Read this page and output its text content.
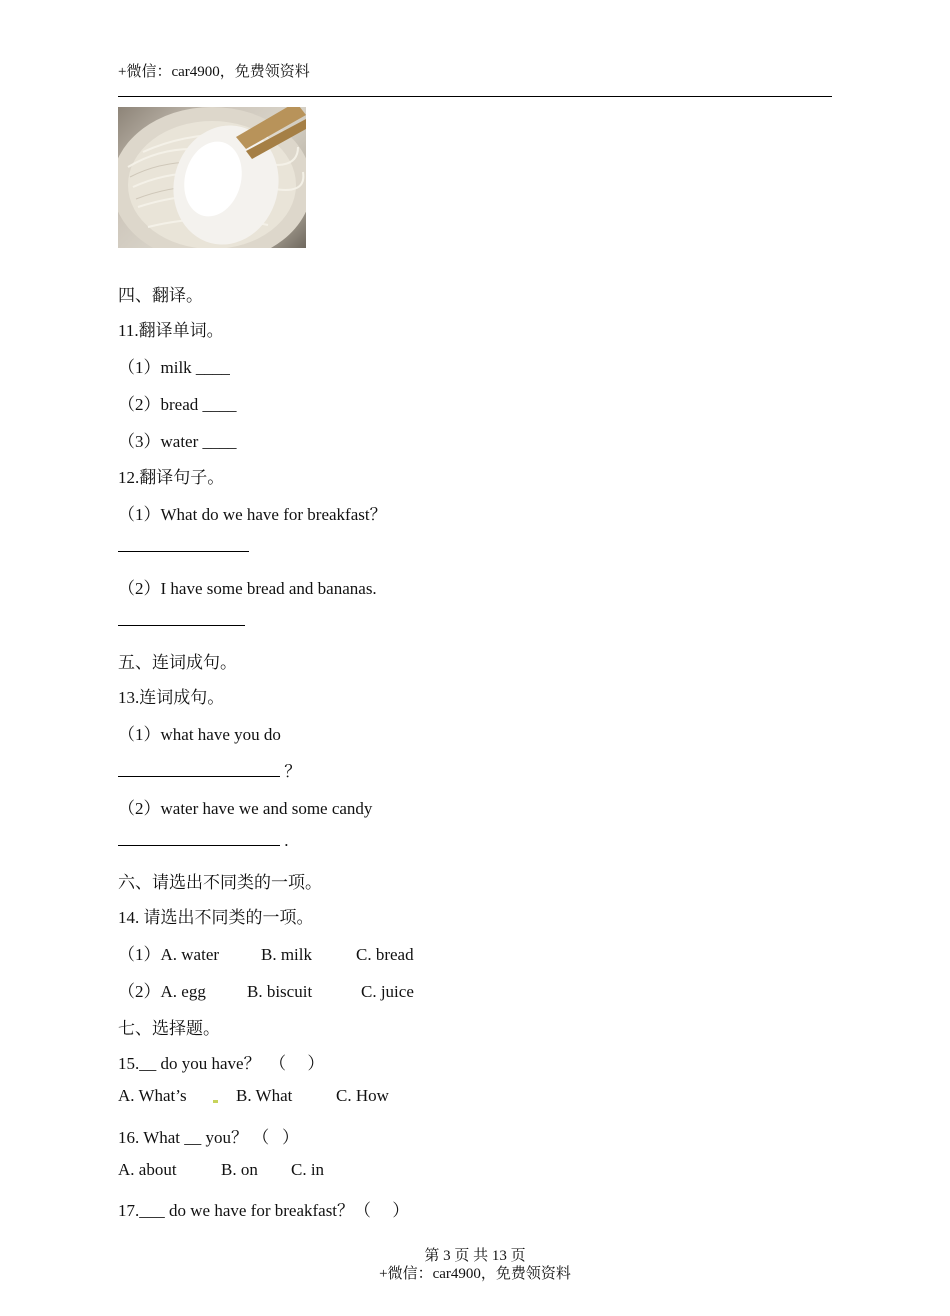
+微信：car4900，免费领资料
四、翻译。
11.翻译单词。
（1）milk ____
（2）bread ____
（3）water ____
12.翻译句子。
（1）What do we have for breakfast？
（2）I have some bread and bananas.
五、连词成句。
13.连词成句。
（1）what have you do
？
（2）water have we and some candy
.
六、请选出不同类的一项。
14. 请选出不同类的一项。
（1）A. water B. milk	C. bread
（2）A. egg B. biscuit	C. juice
七、选择题。
15.__ do you have？  （     ）
A. What’s	B. What	C. How
16. What __ you？ （   ）
A. about	B. on C. in
17.___ do we have for breakfast？（     ）
第 3 页 共 13 页
+微信：car4900，免费领资料
